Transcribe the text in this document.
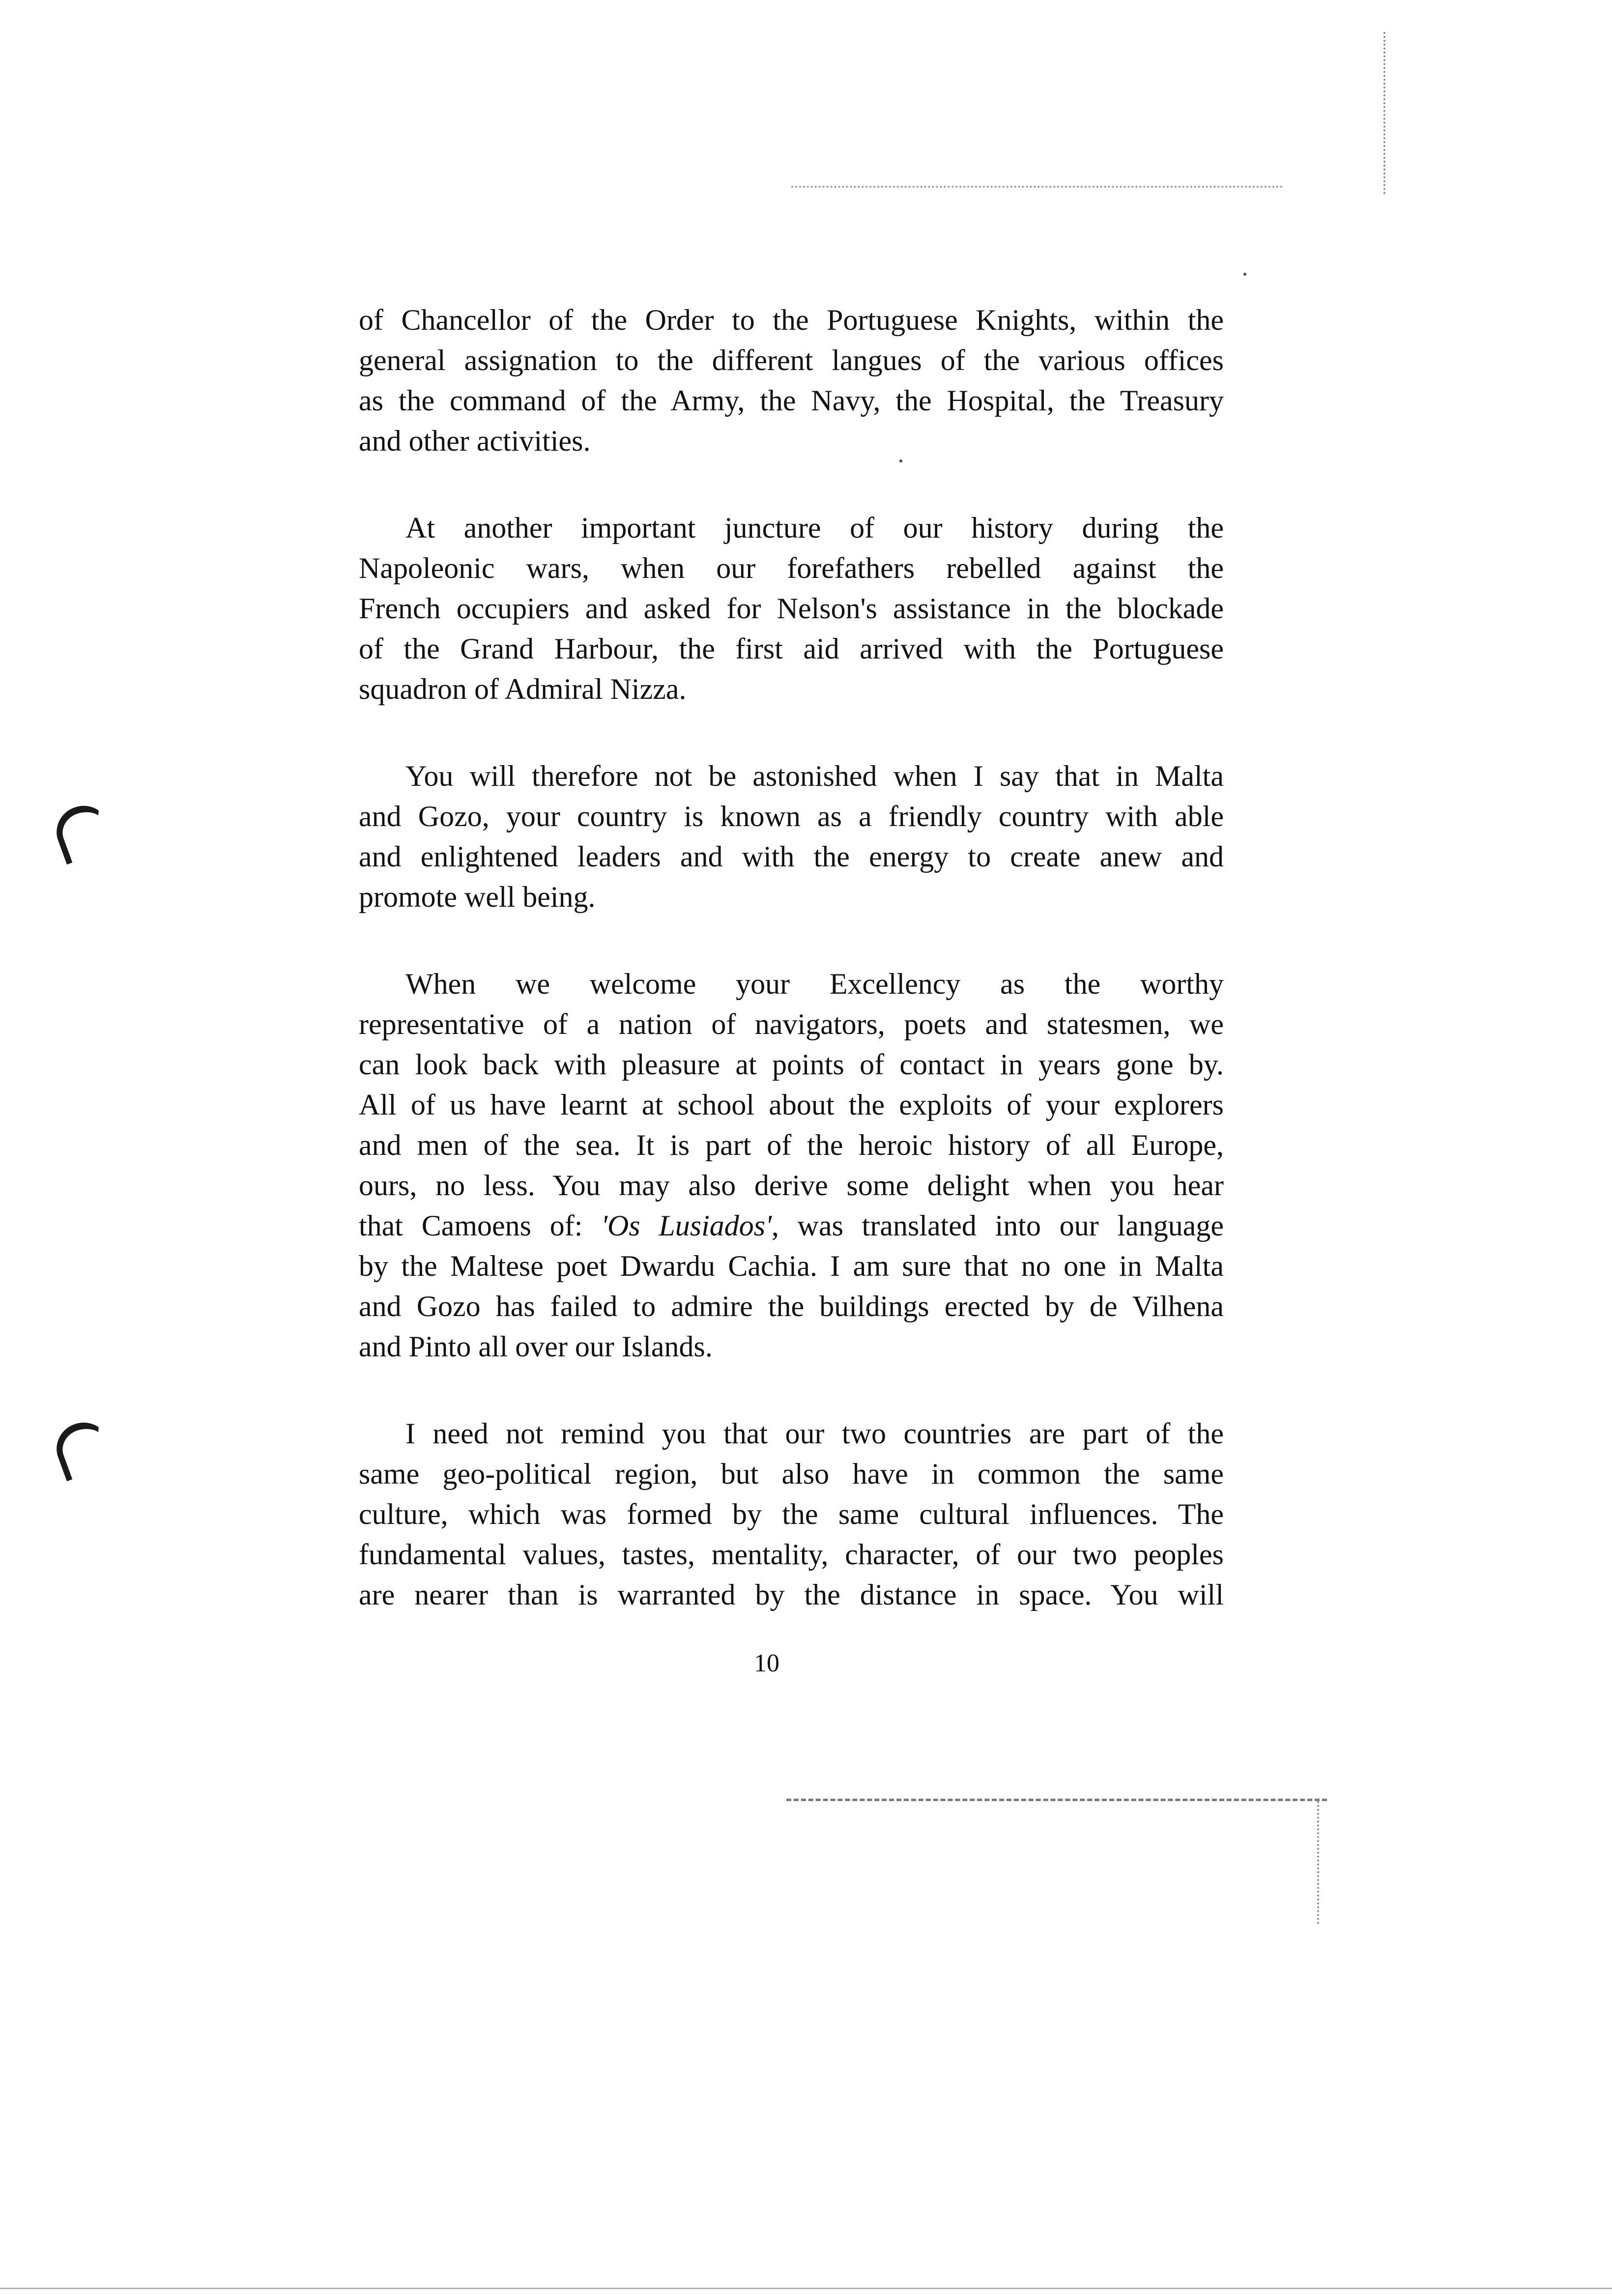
of Chancellor of the Order to the Portuguese Knights, within the
general assignation to the different langues of the various offices
as the command of the Army, the Navy, the Hospital, the Treasury
and other activities.

At another important juncture of our history during the
Napoleonic wars, when our forefathers rebelled against the
French occupiers and asked for Nelson's assistance in the blockade
of the Grand Harbour, the first aid arrived with the Portuguese
squadron of Admiral Nizza.

You will therefore not be astonished when I say that in Malta
and Gozo, your country is known as a friendly country with able
and enlightened leaders and with the energy to create anew and
promote well being.

When we welcome your Excellency as the worthy
representative of a nation of navigators, poets and statesmen, we
can look back with pleasure at points of contact in years gone by.
All of us have learnt at school about the exploits of your explorers
and men of the sea. It is part of the heroic history of all Europe,
ours, no less. You may also derive some delight when you hear
that Camoens of: 'Os Lusiados', was translated into our language
by the Maltese poet Dwardu Cachia. I am sure that no one in Malta
and Gozo has failed to admire the buildings erected by de Vilhena
and Pinto all over our Islands.

I need not remind you that our two countries are part of the
same geo-political region, but also have in common the same
culture, which was formed by the same cultural influences. The
fundamental values, tastes, mentality, character, of our two peoples
are nearer than is warranted by the distance in space. You will

10
